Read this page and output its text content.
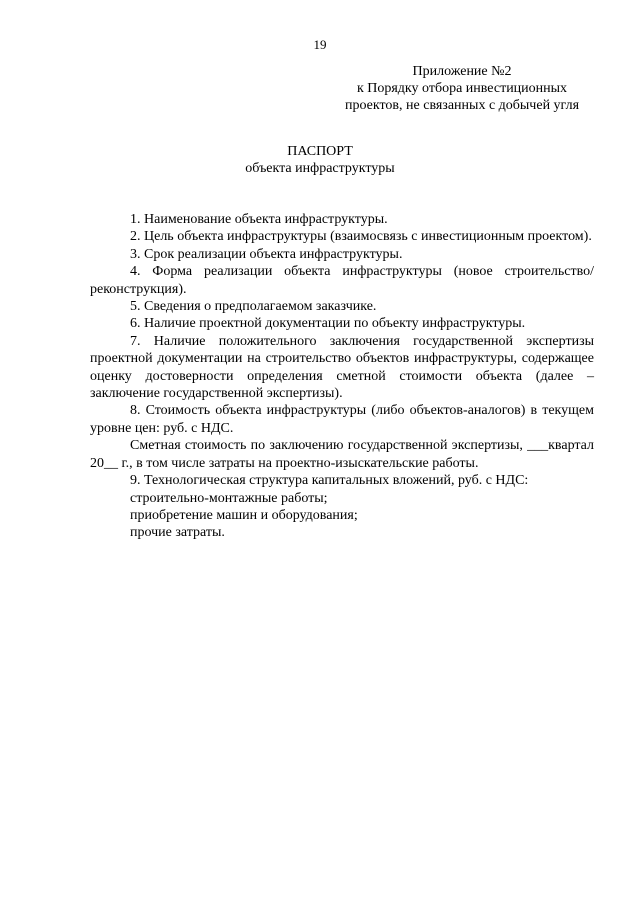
19
Приложение №2
к Порядку отбора инвестиционных
проектов, не связанных с добычей угля
ПАСПОРТ
объекта инфраструктуры

1. Наименование объекта инфраструктуры.

2. Цель объекта инфраструктуры (взаимосвязь с инвестиционным проектом).

3. Срок реализации объекта инфраструктуры.

4. Форма реализации объекта инфраструктуры (новое строительство/реконструкция).

5. Сведения о предполагаемом заказчике.

6. Наличие проектной документации по объекту инфраструктуры.

7. Наличие положительного заключения государственной экспертизы проектной документации на строительство объектов инфраструктуры, содержащее оценку достоверности определения сметной стоимости объекта (далее – заключение государственной экспертизы).

8. Стоимость объекта инфраструктуры (либо объектов-аналогов) в текущем уровне цен: руб. с НДС.

Сметная стоимость по заключению государственной экспертизы, ___квартал 20__ г., в том числе затраты на проектно-изыскательские работы.

9. Технологическая структура капитальных вложений, руб. с НДС:

строительно-монтажные работы;

приобретение машин и оборудования;

прочие затраты.
